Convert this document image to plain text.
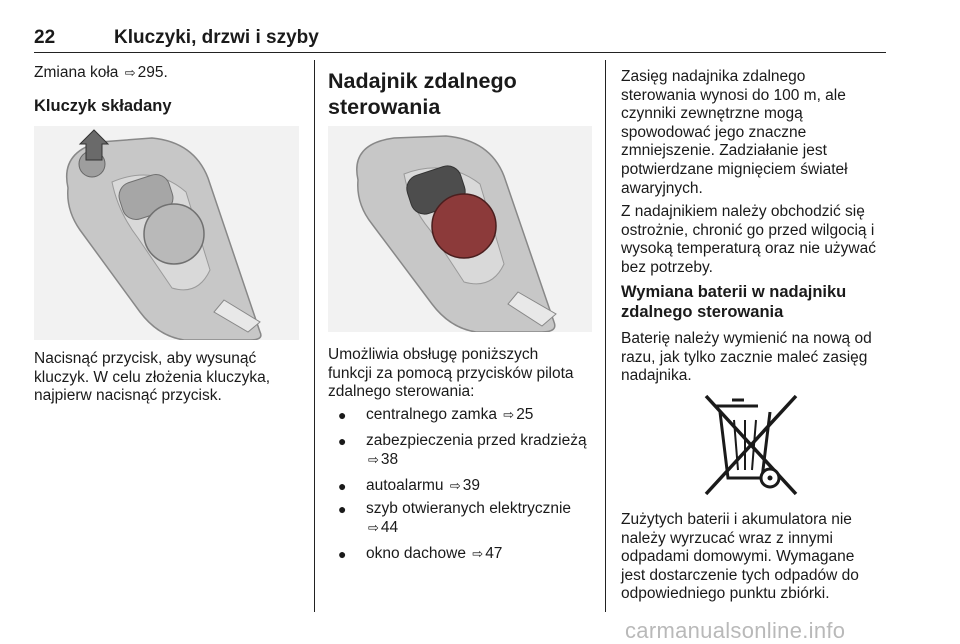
22	Kluczyki, drzwi i szyby

Zmiana koła ⇨ 295.

Kluczyk składany

Nacisnąć przycisk, aby wysunąć
kluczyk. W celu złożenia kluczyka,
najpierw nacisnąć przycisk.

Nadajnik zdalnego
sterowania

Umożliwia obsługę poniższych
funkcji za pomocą przycisków pilota
zdalnego sterowania:

● centralnego zamka ⇨ 25
● zabezpieczenia przed kradzieżą
⇨ 38
● autoalarmu ⇨ 39
● szyb otwieranych elektrycznie
⇨ 44
● okno dachowe ⇨ 47

Zasięg nadajnika zdalnego
sterowania wynosi do 100 m, ale
czynniki zewnętrzne mogą
spowodować jego znaczne
zmniejszenie. Zadziałanie jest
potwierdzane mignięciem świateł
awaryjnych.

Z nadajnikiem należy obchodzić się
ostrożnie, chronić go przed wilgocią i
wysoką temperaturą oraz nie używać
bez potrzeby.

Wymiana baterii w nadajniku
zdalnego sterowania

Baterię należy wymienić na nową od
razu, jak tylko zacznie maleć zasięg
nadajnika.

Zużytych baterii i akumulatora nie
należy wyrzucać wraz z innymi
odpadami domowymi. Wymagane
jest dostarczenie tych odpadów do
odpowiedniego punktu zbiórki.

carmanualsonline.info
